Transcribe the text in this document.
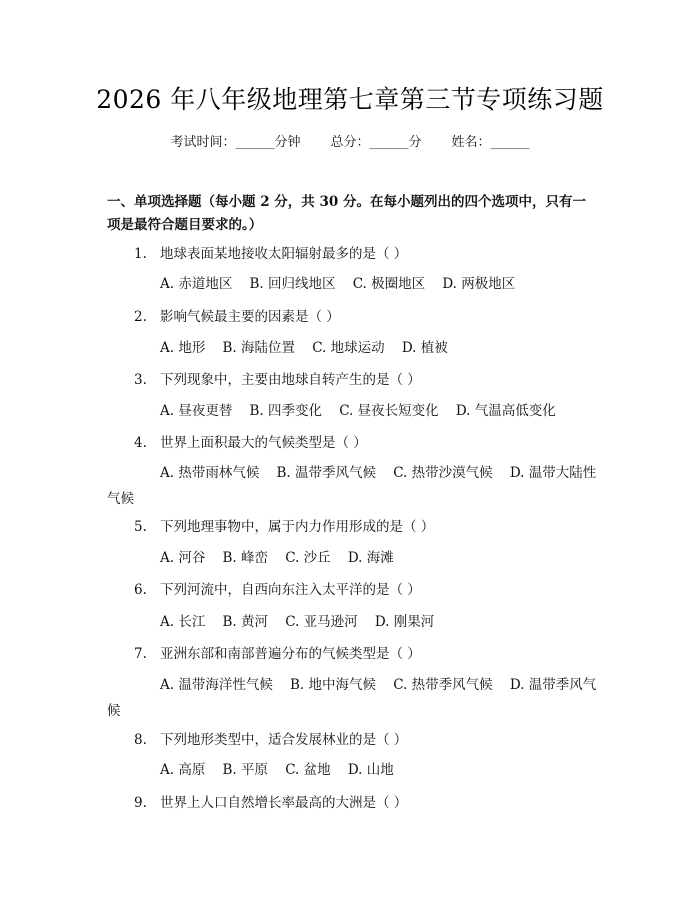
2026 年八年级地理第七章第三节专项练习题
考试时间：______分钟 总分：______分 姓名：______
一、单项选择题（每小题 2 分，共 30 分。在每小题列出的四个选项中，只有一项是最符合题目要求的。）
1. 地球表面某地接收太阳辐射最多的是（ ）
A. 赤道地区 B. 回归线地区 C. 极圈地区 D. 两极地区
2. 影响气候最主要的因素是（ ）
A. 地形 B. 海陆位置 C. 地球运动 D. 植被
3. 下列现象中，主要由地球自转产生的是（ ）
A. 昼夜更替 B. 四季变化 C. 昼夜长短变化 D. 气温高低变化
4. 世界上面积最大的气候类型是（ ）
A. 热带雨林气候 B. 温带季风气候 C. 热带沙漠气候 D. 温带大陆性气候
5. 下列地理事物中，属于内力作用形成的是（ ）
A. 河谷 B. 峰峦 C. 沙丘 D. 海滩
6. 下列河流中，自西向东注入太平洋的是（ ）
A. 长江 B. 黄河 C. 亚马逊河 D. 刚果河
7. 亚洲东部和南部普遍分布的气候类型是（ ）
A. 温带海洋性气候 B. 地中海气候 C. 热带季风气候 D. 温带季风气候
8. 下列地形类型中，适合发展林业的是（ ）
A. 高原 B. 平原 C. 盆地 D. 山地
9. 世界上人口自然增长率最高的大洲是（ ）
